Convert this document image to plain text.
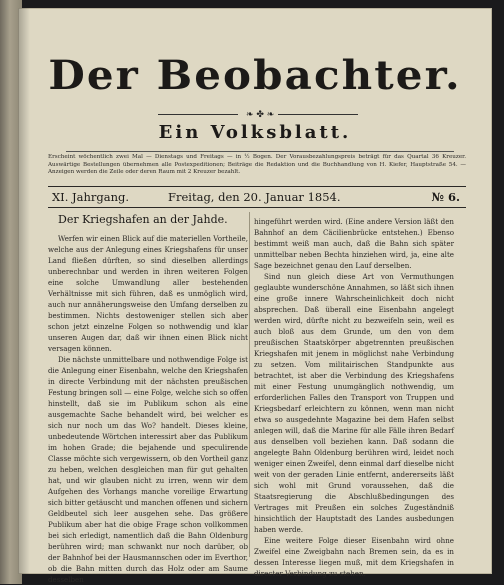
Der Beobachter.
❧ ✤ ❧
Ein Volksblatt.

Erscheint wöchentlich zwei Mal — Dienstags und Freitags — in ½ Bogen. Der Vorausbezahlungspreis beträgt für das Quartal 36 Kreuzer. Auswärtige Bestellungen übernehmen alle Postexpeditionen; Beiträge die Redaktion und die Buchhandlung von H. Kiefer, Hauptstraße 54. — Anzeigen werden die Zeile oder deren Raum mit 2 Kreuzer bezahlt.

XI. Jahrgang.	Freitag, den 20. Januar 1854.	№ 6.
Der Kriegshafen an der Jahde.

Werfen wir einen Blick auf die materiellen Vortheile, welche aus der Anlegung eines Kriegshafens für unser Land fließen dürften, so sind dieselben allerdings unberechnbar und werden in ihren weiteren Folgen eine solche Umwandlung aller bestehenden Verhältnisse mit sich führen, daß es unmöglich wird, auch nur annäherungsweise den Umfang derselben zu bestimmen. Nichts destoweniger stellen sich aber schon jetzt einzelne Folgen so nothwendig und klar unseren Augen dar, daß wir ihnen einen Blick nicht versagen können.

Die nächste unmittelbare und nothwendige Folge ist die Anlegung einer Eisenbahn, welche den Kriegshafen in directe Verbindung mit der nächsten preußischen Festung bringen soll — eine Folge, welche sich so offen hinstellt, daß sie im Publikum schon als eine ausgemachte Sache behandelt wird, bei welcher es sich nur noch um das Wo? handelt. Dieses kleine, unbedeutende Wörtchen interessirt aber das Publikum im hohen Grade; die bejahende und speculirende Classe möchte sich vergewissern, ob den Vortheil ganz zu heben, welchen desgleichen man für gut gehalten hat, und wir glauben nicht zu irren, wenn wir dem Aufgehen des Vorhangs manche voreilige Erwartung sich bitter getäuscht und manchen offenen und sichern Geldbeutel sich leer ausgehen sehe. Das größere Publikum aber hat die obige Frage schon vollkommen bei sich erledigt, namentlich daß die Bahn Oldenburg berühren wird; man schwankt nur noch darüber, ob der Bahnhof bei der Hausmannschen oder im Everthor, ob die Bahn mitten durch das Holz oder am Saume desselben

hingeführt werden wird. (Eine andere Version läßt den Bahnhof an dem Cäcilienbrücke entstehen.) Ebenso bestimmt weiß man auch, daß die Bahn sich später unmittelbar neben Bechta hinziehen wird, ja, eine alte Sage bezeichnet genau den Lauf derselben.

Sind nun gleich diese Art von Vermuthungen geglaubte wunderschöne Annahmen, so läßt sich ihnen eine große innere Wahrscheinlichkeit doch nicht absprechen. Daß überall eine Eisenbahn angelegt werden wird, dürfte nicht zu bezweifeln sein, weil es auch bloß aus dem Grunde, um den von dem preußischen Staatskörper abgetrennten preußischen Kriegshafen mit jenem in möglichst nahe Verbindung zu setzen. Vom militairischen Standpunkte aus betrachtet, ist aber die Verbindung des Kriegshafens mit einer Festung unumgänglich nothwendig, um erforderlichen Falles den Transport von Truppen und Kriegsbedarf erleichtern zu können, wenn man nicht etwa so ausgedehnte Magazine bei dem Hafen selbst anlegen will, daß die Marine für alle Fälle ihren Bedarf aus denselben voll beziehen kann. Daß sodann die angelegte Bahn Oldenburg berühren wird, leidet noch weniger einen Zweifel, denn einmal darf dieselbe nicht weit von der geraden Linie entfernt, andererseits läßt sich wohl mit Grund voraussehen, daß die Staatsregierung die Abschlußbedingungen des Vertrages mit Preußen ein solches Zugeständniß hinsichtlich der Hauptstadt des Landes ausbedungen haben werde.

Eine weitere Folge dieser Eisenbahn wird ohne Zweifel eine Zweigbahn nach Bremen sein, da es in dessen Interesse liegen muß, mit dem Kriegshafen in directer Verbindung zu stehen.
